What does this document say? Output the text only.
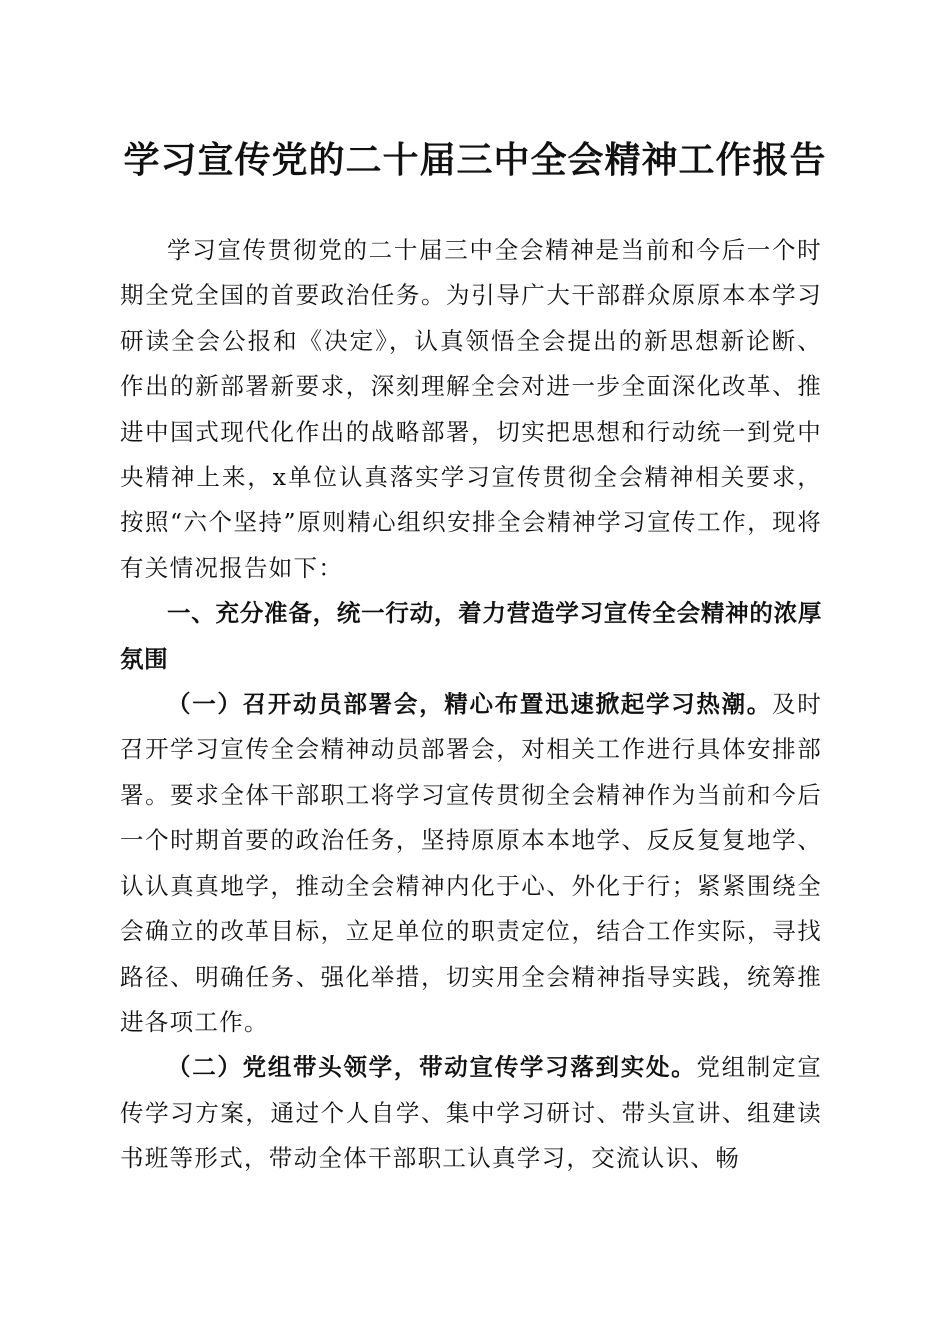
学习宣传党的二十届三中全会精神工作报告

学习宣传贯彻党的二十届三中全会精神是当前和今后一个时期全党全国的首要政治任务。为引导广大干部群众原原本本学习研读全会公报和《决定》，认真领悟全会提出的新思想新论断、作出的新部署新要求，深刻理解全会对进一步全面深化改革、推进中国式现代化作出的战略部署，切实把思想和行动统一到党中央精神上来，x单位认真落实学习宣传贯彻全会精神相关要求，按照“六个坚持”原则精心组织安排全会精神学习宣传工作，现将有关情况报告如下：

一、充分准备，统一行动，着力营造学习宣传全会精神的浓厚氛围

（一）召开动员部署会，精心布置迅速掀起学习热潮。及时召开学习宣传全会精神动员部署会，对相关工作进行具体安排部署。要求全体干部职工将学习宣传贯彻全会精神作为当前和今后一个时期首要的政治任务，坚持原原本本地学、反反复复地学、认认真真地学，推动全会精神内化于心、外化于行；紧紧围绕全会确立的改革目标，立足单位的职责定位，结合工作实际，寻找路径、明确任务、强化举措，切实用全会精神指导实践，统筹推进各项工作。

（二）党组带头领学，带动宣传学习落到实处。党组制定宣传学习方案，通过个人自学、集中学习研讨、带头宣讲、组建读书班等形式，带动全体干部职工认真学习，交流认识、畅
